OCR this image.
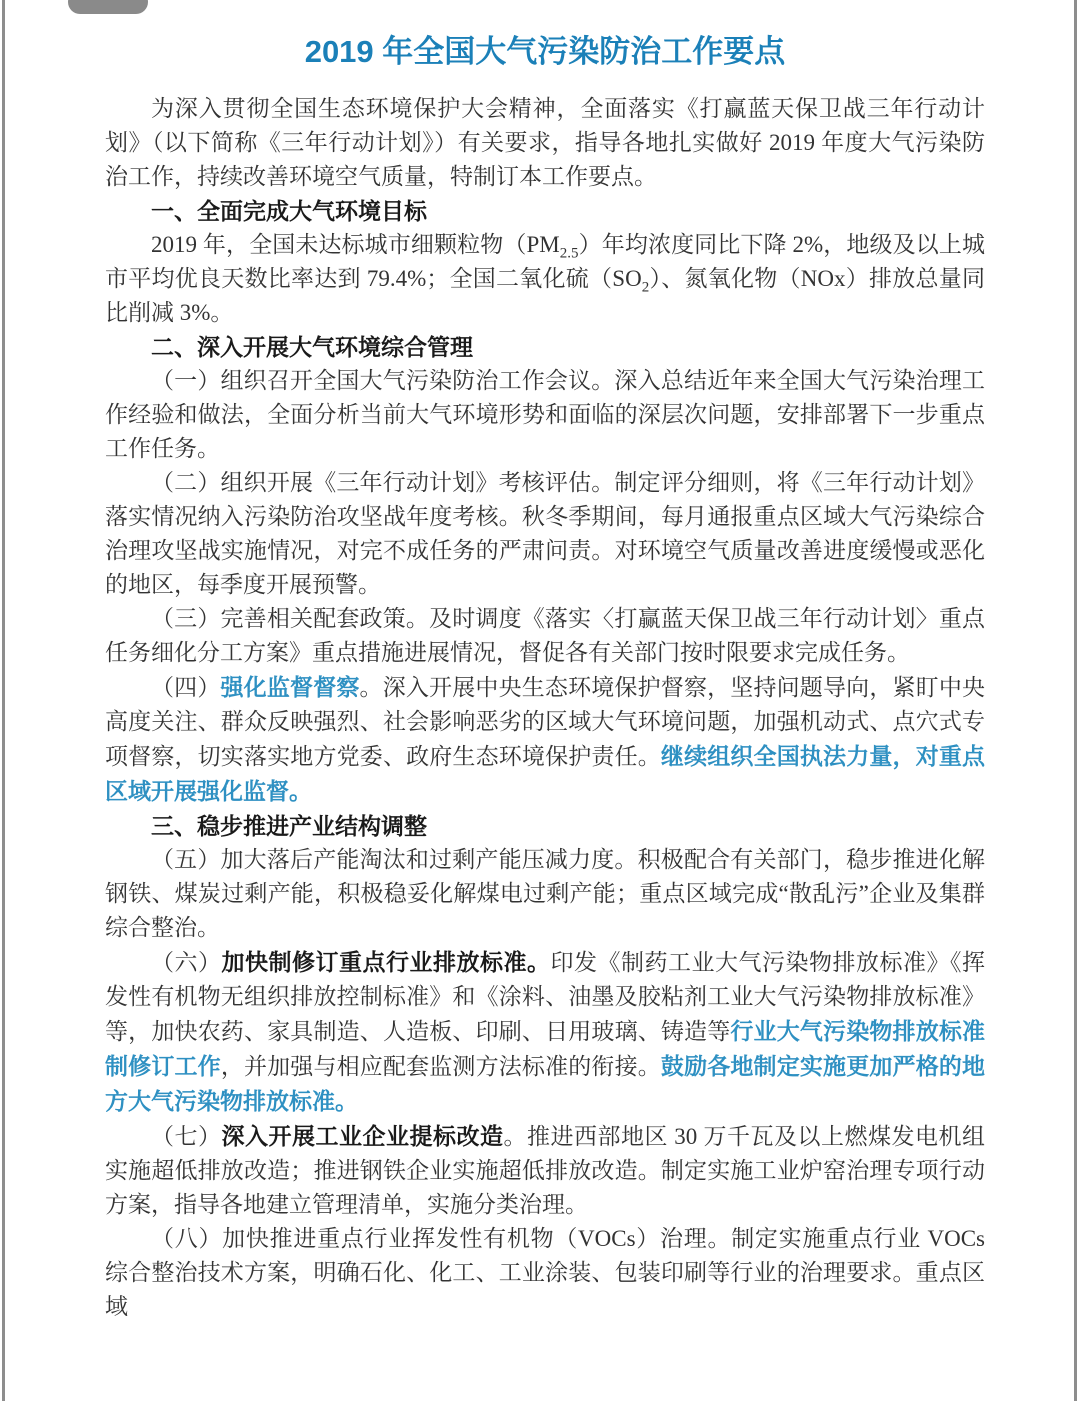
2019 年全国大气污染防治工作要点
为深入贯彻全国生态环境保护大会精神，全面落实《打赢蓝天保卫战三年行动计划》（以下简称《三年行动计划》）有关要求，指导各地扎实做好 2019 年度大气污染防治工作，持续改善环境空气质量，特制订本工作要点。
一、全面完成大气环境目标
2019 年，全国未达标城市细颗粒物$(PM_{2.5})$年均浓度同比下降 2%，地级及以上城市平均优良天数比率达到 79.4%；全国二氧化硫$(SO_2)$、氮氧化物（NOx）排放总量同比削减 3%。
二、深入开展大气环境综合管理
（一）组织召开全国大气污染防治工作会议。深入总结近年来全国大气污染治理工作经验和做法，全面分析当前大气环境形势和面临的深层次问题，安排部署下一步重点工作任务。
（二）组织开展《三年行动计划》考核评估。制定评分细则，将《三年行动计划》落实情况纳入污染防治攻坚战年度考核。秋冬季期间，每月通报重点区域大气污染综合治理攻坚战实施情况，对完不成任务的严肃问责。对环境空气质量改善进度缓慢或恶化的地区，每季度开展预警。
（三）完善相关配套政策。及时调度《落实〈打赢蓝天保卫战三年行动计划〉重点任务细化分工方案》重点措施进展情况，督促各有关部门按时限要求完成任务。
（四）强化监督督察。深入开展中央生态环境保护督察，坚持问题导向，紧盯中央高度关注、群众反映强烈、社会影响恶劣的区域大气环境问题，加强机动式、点穴式专项督察，切实落实地方党委、政府生态环境保护责任。继续组织全国执法力量，对重点区域开展强化监督。
三、稳步推进产业结构调整
（五）加大落后产能淘汰和过剩产能压减力度。积极配合有关部门，稳步推进化解钢铁、煤炭过剩产能，积极稳妥化解煤电过剩产能；重点区域完成“散乱污”企业及集群综合整治。
（六）加快制修订重点行业排放标准。印发《制药工业大气污染物排放标准》《挥发性有机物无组织排放控制标准》和《涂料、油墨及胶粘剂工业大气污染物排放标准》等，加快农药、家具制造、人造板、印刷、日用玻璃、铸造等行业大气污染物排放标准制修订工作，并加强与相应配套监测方法标准的衔接。鼓励各地制定实施更加严格的地方大气污染物排放标准。
（七）深入开展工业企业提标改造。推进西部地区 30 万千瓦及以上燃煤发电机组实施超低排放改造；推进钢铁企业实施超低排放改造。制定实施工业炉窑治理专项行动方案，指导各地建立管理清单，实施分类治理。
（八）加快推进重点行业挥发性有机物（VOCs）治理。制定实施重点行业 VOCs 综合整治技术方案，明确石化、化工、工业涂装、包装印刷等行业的治理要求。重点区域
